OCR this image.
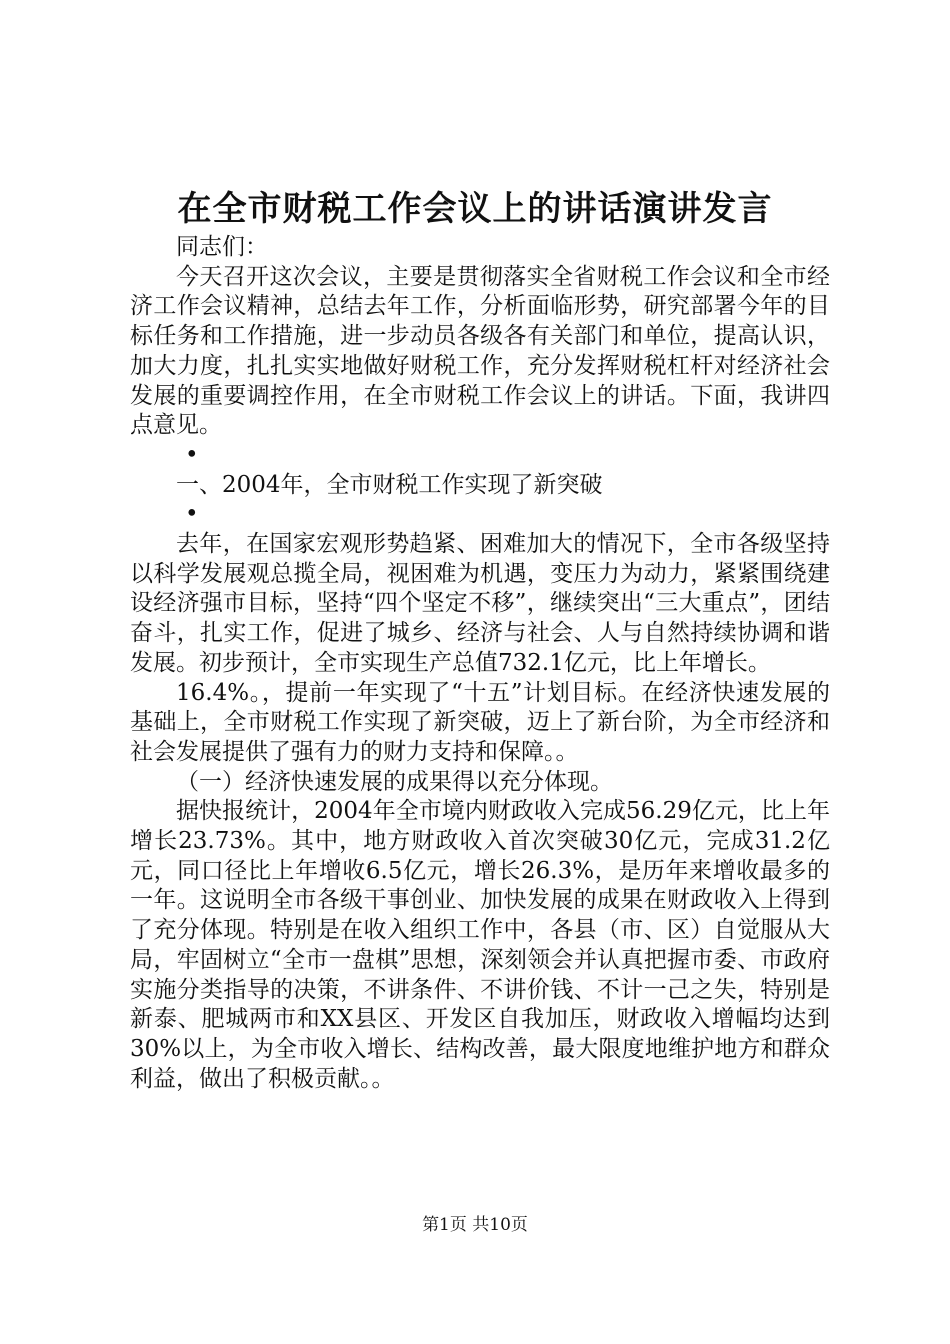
在全市财税工作会议上的讲话演讲发言

同志们：

今天召开这次会议，主要是贯彻落实全省财税工作会议和全市经济工作会议精神，总结去年工作，分析面临形势，研究部署今年的目标任务和工作措施，进一步动员各级各有关部门和单位，提高认识，加大力度，扎扎实实地做好财税工作，充分发挥财税杠杆对经济社会发展的重要调控作用，在全市财税工作会议上的讲话。下面，我讲四点意见。

•

一、2004年，全市财税工作实现了新突破

•

去年，在国家宏观形势趋紧、困难加大的情况下，全市各级坚持以科学发展观总揽全局，视困难为机遇，变压力为动力，紧紧围绕建设经济强市目标，坚持“四个坚定不移”，继续突出“三大重点”，团结奋斗，扎实工作，促进了城乡、经济与社会、人与自然持续协调和谐发展。初步预计，全市实现生产总值732.1亿元，比上年增长。

16.4%。，提前一年实现了“十五”计划目标。在经济快速发展的基础上，全市财税工作实现了新突破，迈上了新台阶，为全市经济和社会发展提供了强有力的财力支持和保障。。

（一）经济快速发展的成果得以充分体现。

据快报统计，2004年全市境内财政收入完成56.29亿元，比上年增长23.73%。其中，地方财政收入首次突破30亿元，完成31.2亿元，同口径比上年增收6.5亿元，增长26.3%，是历年来增收最多的一年。这说明全市各级干事创业、加快发展的成果在财政收入上得到了充分体现。特别是在收入组织工作中，各县（市、区）自觉服从大局，牢固树立“全市一盘棋”思想，深刻领会并认真把握市委、市政府实施分类指导的决策，不讲条件、不讲价钱、不计一己之失，特别是新泰、肥城两市和XX县区、开发区自我加压，财政收入增幅均达到30%以上，为全市收入增长、结构改善，最大限度地维护地方和群众利益，做出了积极贡献。。

第1页 共10页
